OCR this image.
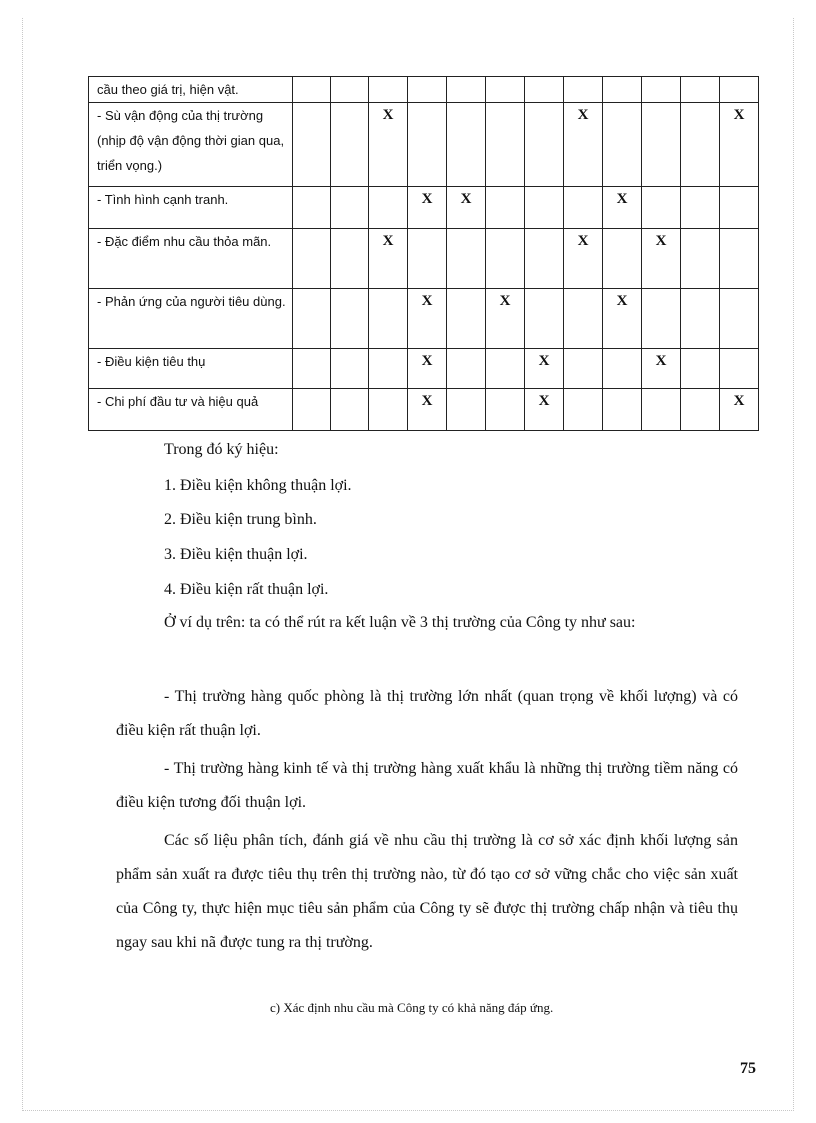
cầu theo giá trị, hiện vật.												
- Sù vận động của thị trường (nhịp độ vận động thời gian qua, triển vọng.)			X					X				X
- Tình hình cạnh tranh.				X	X				X			
- Đặc điểm nhu cầu thỏa mãn.			X					X		X		
- Phản ứng của người tiêu dùng.				X		X			X			
- Điều kiện tiêu thụ				X			X			X		
- Chi phí đầu tư và hiệu quả				X			X					X
Trong đó ký hiệu:
1. Điều kiện không thuận lợi.
2. Điều kiện trung bình.
3. Điều kiện thuận lợi.
4. Điều kiện rất thuận lợi.
Ở ví dụ trên: ta có thể rút ra kết luận về 3 thị trường của Công ty như sau:
- Thị trường hàng quốc phòng là thị trường lớn nhất (quan trọng về khối lượng) và có điều kiện rất thuận lợi.
- Thị trường hàng kinh tế và thị trường hàng xuất khẩu là những thị trường tiềm năng có điều kiện tương đối thuận lợi.
Các số liệu phân tích, đánh giá về nhu cầu thị trường là cơ sở xác định khối lượng sản phẩm sản xuất ra được tiêu thụ trên thị trường nào, từ đó tạo cơ sở vững chắc cho việc sản xuất của Công ty, thực hiện mục tiêu sản phẩm của Công ty sẽ được thị trường chấp nhận và tiêu thụ ngay sau khi nã được tung ra thị trường.
c) Xác định nhu cầu mà Công ty có khả năng đáp ứng.
75
